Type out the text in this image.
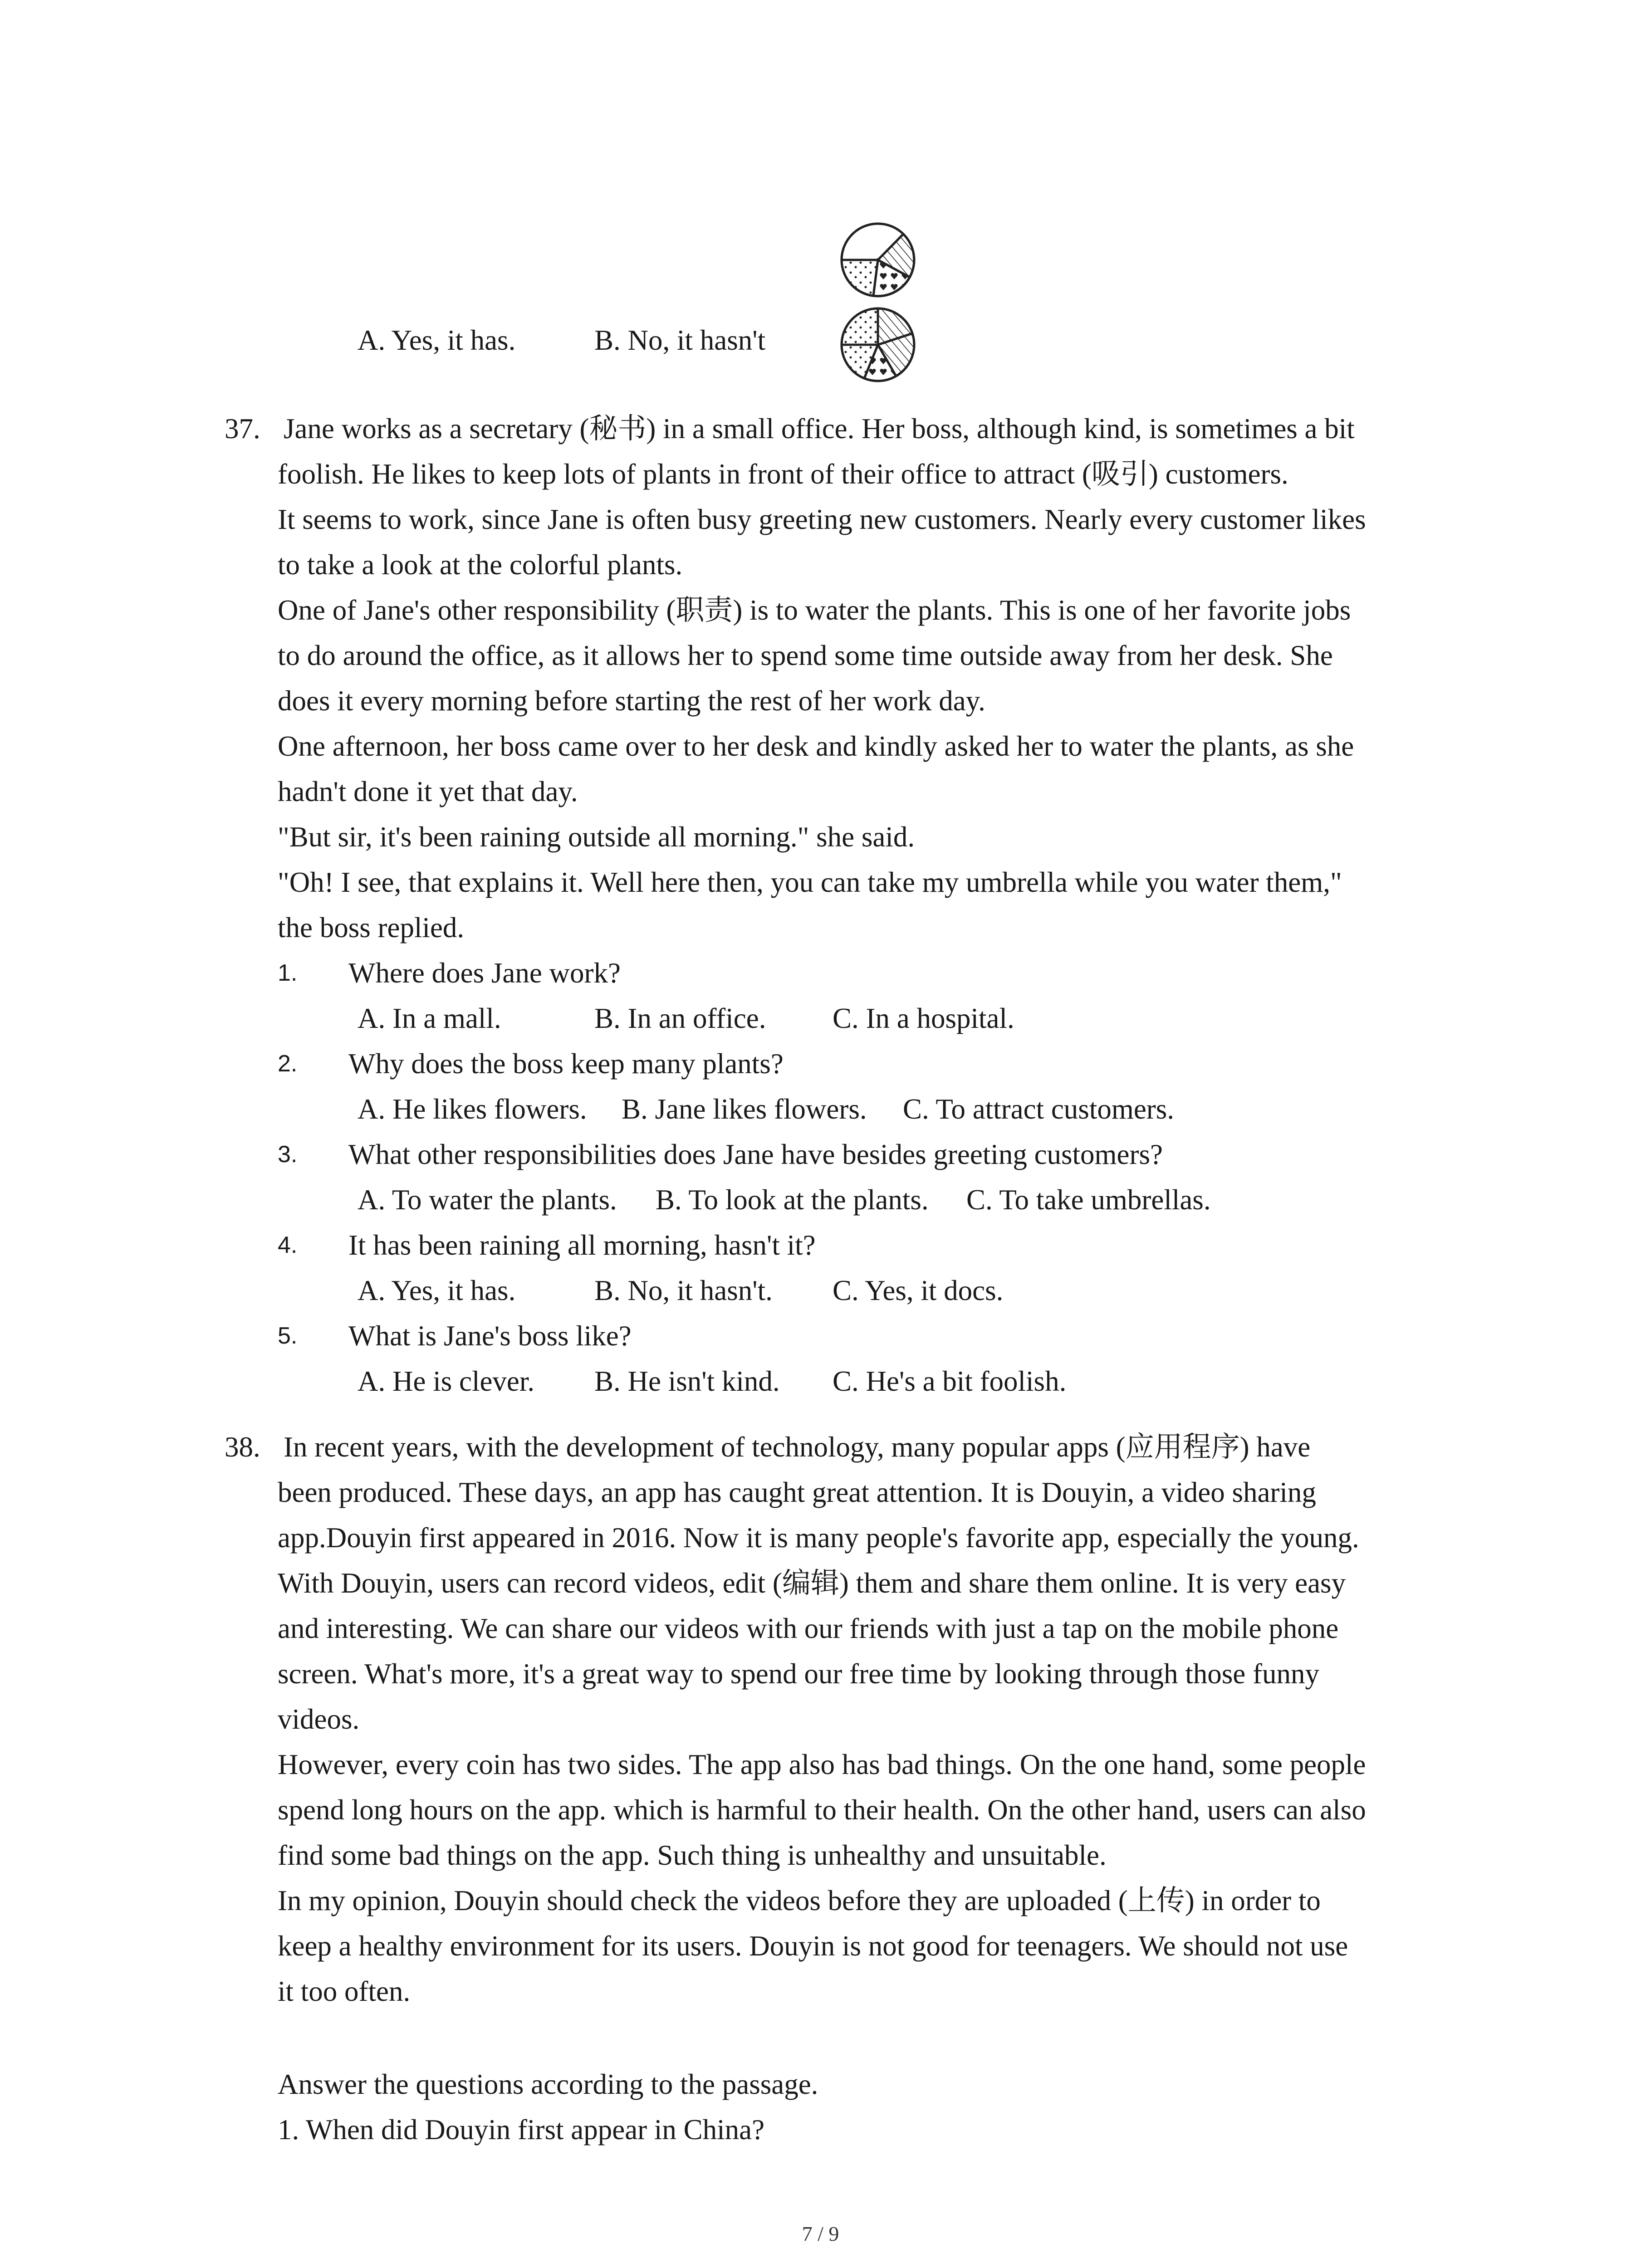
A. Yes, it has.	B. No, it hasn't
37. Jane works as a secretary (秘书) in a small office. Her boss, although kind, is sometimes a bit
foolish. He likes to keep lots of plants in front of their office to attract (吸引) customers.
It seems to work, since Jane is often busy greeting new customers. Nearly every customer likes
to take a look at the colorful plants.
One of Jane's other responsibility (职责) is to water the plants. This is one of her favorite jobs
to do around the office, as it allows her to spend some time outside away from her desk. She
does it every morning before starting the rest of her work day.
One afternoon, her boss came over to her desk and kindly asked her to water the plants, as she
hadn't done it yet that day.
"But sir, it's been raining outside all morning." she said.
"Oh! I see, that explains it. Well here then, you can take my umbrella while you water them,"
the boss replied.
1. Where does Jane work?
A. In a mall.	B. In an office. C. In a hospital.
2. Why does the boss keep many plants?
A. He likes flowers. B. Jane likes flowers. C. To attract customers.
3. What other responsibilities does Jane have besides greeting customers?
A. To water the plants. B. To look at the plants. C. To take umbrellas.
4. It has been raining all morning, hasn't it?
A. Yes, it has.	B. No, it hasn't. C. Yes, it docs.
5. What is Jane's boss like?
A. He is clever. B. He isn't kind. C. He's a bit foolish.
38. In recent years, with the development of technology, many popular apps (应用程序) have
been produced. These days, an app has caught great attention. It is Douyin, a video sharing
app.Douyin first appeared in 2016. Now it is many people's favorite app, especially the young.
With Douyin, users can record videos, edit (编辑) them and share them online. It is very easy
and interesting. We can share our videos with our friends with just a tap on the mobile phone
screen. What's more, it's a great way to spend our free time by looking through those funny
videos.
However, every coin has two sides. The app also has bad things. On the one hand, some people
spend long hours on the app. which is harmful to their health. On the other hand, users can also
find some bad things on the app. Such thing is unhealthy and unsuitable.
In my opinion, Douyin should check the videos before they are uploaded (上传) in order to
keep a healthy environment for its users. Douyin is not good for teenagers. We should not use
it too often.
Answer the questions according to the passage.
1. When did Douyin first appear in China?
7 / 9
